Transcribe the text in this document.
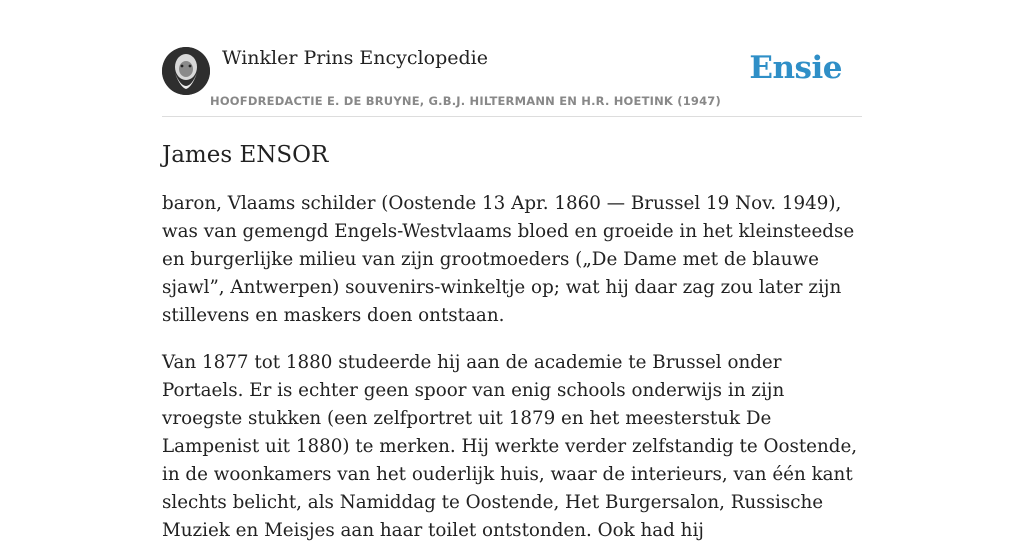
Winkler Prins Encyclopedie
HOOFDREDACTIE E. DE BRUYNE, G.B.J. HILTERMANN EN H.R. HOETINK (1947)
Ensie
James ENSOR

baron, Vlaams schilder (Oostende 13 Apr. 1860 — Brussel 19 Nov. 1949), was van gemengd Engels-Westvlaams bloed en groeide in het kleinsteedse en burgerlijke milieu van zijn grootmoeders („De Dame met de blauwe sjawl”, Antwerpen) souvenirs-winkeltje op; wat hij daar zag zou later zijn stillevens en maskers doen ontstaan.

Van 1877 tot 1880 studeerde hij aan de academie te Brussel onder Portaels. Er is echter geen spoor van enig schools onderwijs in zijn vroegste stukken (een zelfportret uit 1879 en het meesterstuk De Lampenist uit 1880) te merken. Hij werkte verder zelfstandig te Oostende, in de woonkamers van het ouderlijk huis, waar de interieurs, van één kant slechts belicht, als Namiddag te Oostende, Het Burgersalon, Russische Muziek en Meisjes aan haar toilet ontstonden. Ook had hij
